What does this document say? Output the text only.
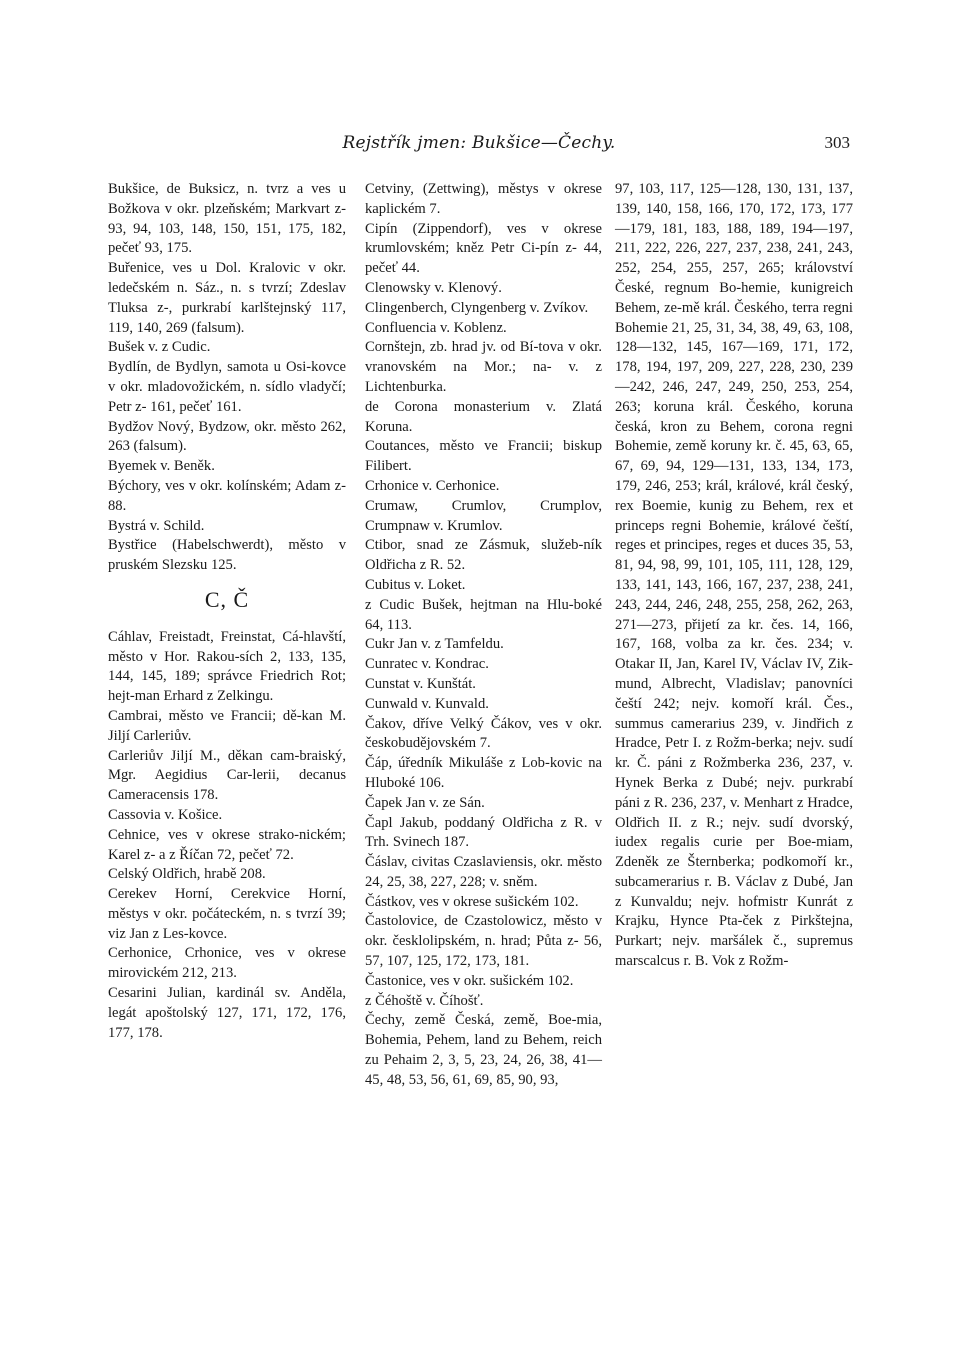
Rejstřík jmen: Bukšice—Čechy.	303

Bukšice, de Buksicz, n. tvrz a ves u Božkova v okr. plzeňském; Markvart z- 93, 94, 103, 148, 150, 151, 175, 182, pečeť 93, 175.

Buřenice, ves u Dol. Kralovic v okr. ledečském n. Sáz., n. s tvrzí; Zdeslav Tluksa z-, purkrabí karlštejnský 117, 119, 140, 269 (falsum).

Bušek v. z Cudic.

Bydlín, de Bydlyn, samota u Osi-kovce v okr. mladovožickém, n. sídlo vladyčí; Petr z- 161, pečeť 161.

Bydžov Nový, Bydzow, okr. město 262, 263 (falsum).

Byemek v. Beněk.

Býchory, ves v okr. kolínském; Adam z- 88.

Bystrá v. Schild.

Bystřice (Habelschwerdt), město v pruském Slezsku 125.

C, Č

Cáhlav, Freistadt, Freinstat, Cá-hlavští, město v Hor. Rakou-sích 2, 133, 135, 144, 145, 189; správce Friedrich Rot; hejt-man Erhard z Zelkingu.

Cambrai, město ve Francii; dě-kan M. Jiljí Carleriův.

Carleriův Jiljí M., děkan cam-braiský, Mgr. Aegidius Car-lerii, decanus Cameracensis 178.

Cassovia v. Košice.

Cehnice, ves v okrese strako-nickém; Karel z- a z Říčan 72, pečeť 72.

Celský Oldřich, hrabě 208.

Cerekev Horní, Cerekvice Horní, městys v okr. počáteckém, n. s tvrzí 39; viz Jan z Les-kovce.

Cerhonice, Crhonice, ves v okrese mirovickém 212, 213.

Cesarini Julian, kardinál sv. Anděla, legát apoštolský 127, 171, 172, 176, 177, 178.

Cetviny, (Zettwing), městys v okrese kaplickém 7.

Cipín (Zippendorf), ves v okrese krumlovském; kněz Petr Ci-pín z- 44, pečeť 44.

Clenowsky v. Klenový.

Clingenberch, Clyngenberg v. Zvíkov.

Confluencia v. Koblenz.

Cornštejn, zb. hrad jv. od Bí-tova v okr. vranovském na Mor.; na- v. z Lichtenburka.

de Corona monasterium v. Zlatá Koruna.

Coutances, město ve Francii; biskup Filibert.

Crhonice v. Cerhonice.

Crumaw, Crumlov, Crumplov, Crumpnaw v. Krumlov.

Ctibor, snad ze Zásmuk, služeb-ník Oldřicha z R. 52.

Cubitus v. Loket.

z Cudic Bušek, hejtman na Hlu-boké 64, 113.

Cukr Jan v. z Tamfeldu.

Cunratec v. Kondrac.

Cunstat v. Kunštát.

Cunwald v. Kunvald.

Čakov, dříve Velký Čákov, ves v okr. českobudějovském 7.

Čáp, úředník Mikuláše z Lob-kovic na Hluboké 106.

Čapek Jan v. ze Sán.

Čapl Jakub, poddaný Oldřicha z R. v Trh. Svinech 187.

Čáslav, civitas Czaslaviensis, okr. město 24, 25, 38, 227, 228; v. sněm.

Částkov, ves v okrese sušickém 102.

Častolovice, de Czastolowicz, město v okr. česklolipském, n. hrad; Půta z- 56, 57, 107, 125, 172, 173, 181.

Častonice, ves v okr. sušickém 102.

z Čéhoště v. Číhošť.

Čechy, země Česká, země, Boe-mia, Bohemia, Pehem, land zu Behem, reich zu Pehaim 2, 3, 5, 23, 24, 26, 38, 41—45, 48, 53, 56, 61, 69, 85, 90, 93,

97, 103, 117, 125—128, 130, 131, 137, 139, 140, 158, 166, 170, 172, 173, 177—179, 181, 183, 188, 189, 194—197, 211, 222, 226, 227, 237, 238, 241, 243, 252, 254, 255, 257, 265; království České, regnum Bo-hemie, kunigreich Behem, ze-mě král. Českého, terra regni Bohemie 21, 25, 31, 34, 38, 49, 63, 108, 128—132, 145, 167—169, 171, 172, 178, 194, 197, 209, 227, 228, 230, 239—242, 246, 247, 249, 250, 253, 254, 263; koruna král. Českého, koruna česká, kron zu Behem, corona regni Bohemie, země koruny kr. č. 45, 63, 65, 67, 69, 94, 129—131, 133, 134, 173, 179, 246, 253; král, králové, král český, rex Boemie, kunig zu Behem, rex et princeps regni Bohemie, králové čeští, reges et principes, reges et duces 35, 53, 81, 94, 98, 99, 101, 105, 111, 128, 129, 133, 141, 143, 166, 167, 237, 238, 241, 243, 244, 246, 248, 255, 258, 262, 263, 271—273, přijetí za kr. čes. 14, 166, 167, 168, volba za kr. čes. 234; v. Otakar II, Jan, Karel IV, Václav IV, Zik-mund, Albrecht, Vladislav; panovníci čeští 242; nejv. komoří král. Čes., summus camerarius 239, v. Jindřich z Hradce, Petr I. z Rožm-berka; nejv. sudí kr. Č. páni z Rožmberka 236, 237, v. Hynek Berka z Dubé; nejv. purkrabí páni z R. 236, 237, v. Menhart z Hradce, Oldřich II. z R.; nejv. sudí dvorský, iudex regalis curie per Boe-miam, Zdeněk ze Šternberka; podkomoří kr., subcamerarius r. B. Václav z Dubé, Jan z Kunvaldu; nejv. hofmistr Kunrát z Krajku, Hynce Pta-ček z Pirkštejna, Purkart; nejv. maršálek č., supremus marscalcus r. B. Vok z Rožm-
